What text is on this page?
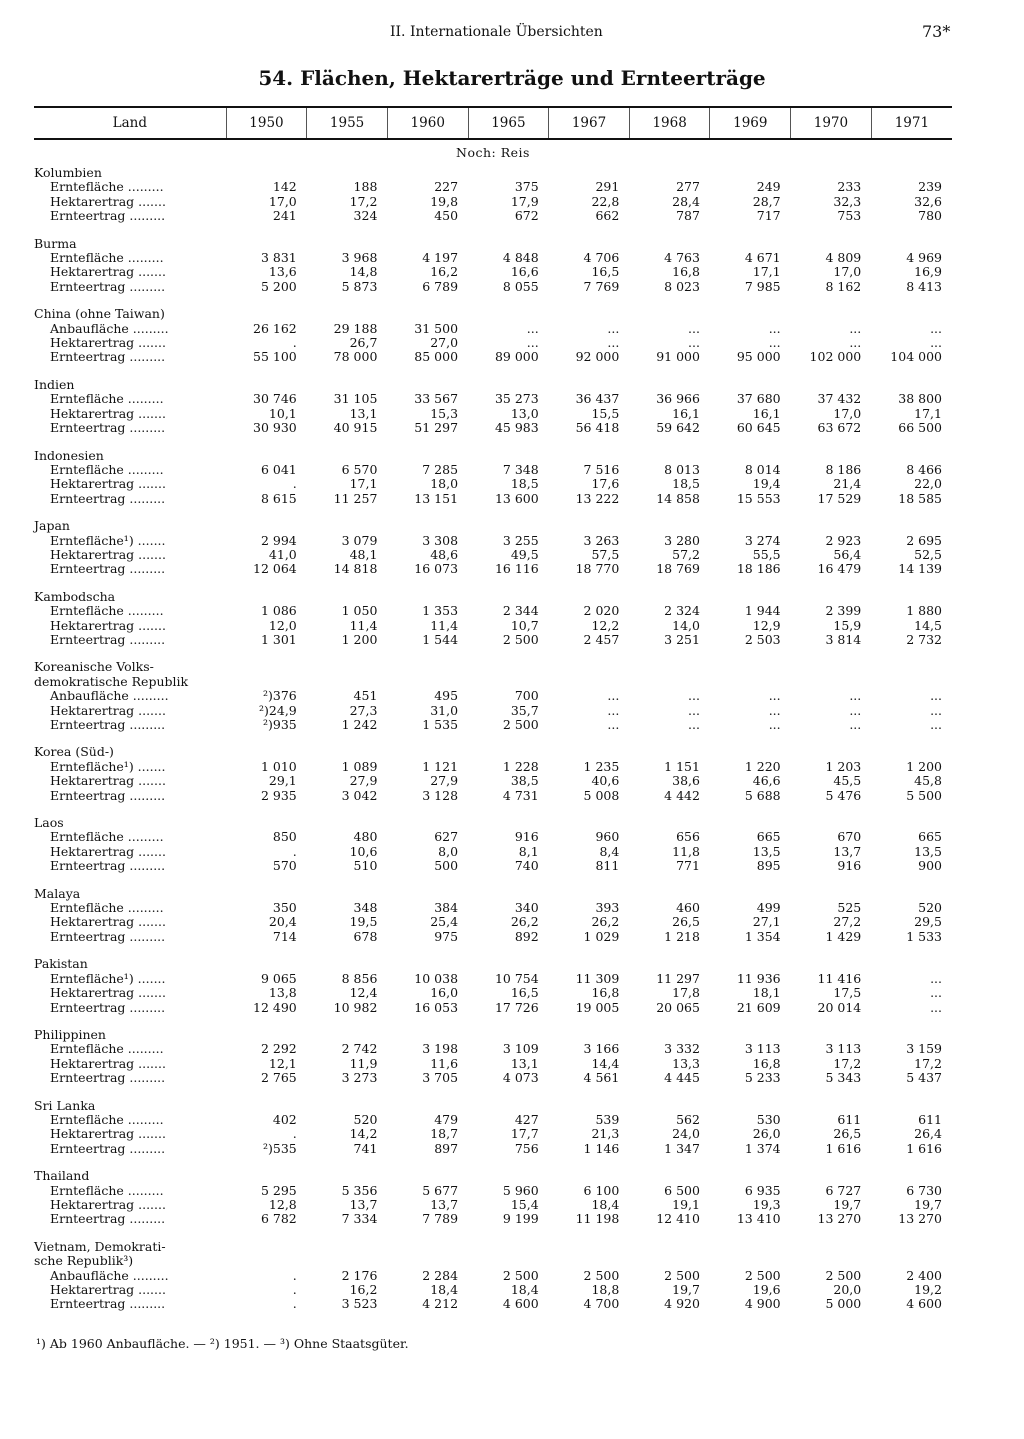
II. Internationale Übersichten	73*
54. Flächen, Hektarerträge und Ernteerträge
Land	1950	1955	1960	1965	1967	1968	1969	1970	1971
Noch: Reis									
Kolumbien									
Erntefläche .........	142	188	227	375	291	277	249	233	239
Hektarertrag .......	17,0	17,2	19,8	17,9	22,8	28,4	28,7	32,3	32,6
Ernteertrag .........	241	324	450	672	662	787	717	753	780

Burma									
Erntefläche .........	3 831	3 968	4 197	4 848	4 706	4 763	4 671	4 809	4 969
Hektarertrag .......	13,6	14,8	16,2	16,6	16,5	16,8	17,1	17,0	16,9
Ernteertrag .........	5 200	5 873	6 789	8 055	7 769	8 023	7 985	8 162	8 413

China (ohne Taiwan)									
Anbaufläche .........	26 162	29 188	31 500	...	...	...	...	...	...
Hektarertrag .......	.	26,7	27,0	...	...	...	...	...	...
Ernteertrag .........	55 100	78 000	85 000	89 000	92 000	91 000	95 000	102 000	104 000

Indien									
Erntefläche .........	30 746	31 105	33 567	35 273	36 437	36 966	37 680	37 432	38 800
Hektarertrag .......	10,1	13,1	15,3	13,0	15,5	16,1	16,1	17,0	17,1
Ernteertrag .........	30 930	40 915	51 297	45 983	56 418	59 642	60 645	63 672	66 500

Indonesien									
Erntefläche .........	6 041	6 570	7 285	7 348	7 516	8 013	8 014	8 186	8 466
Hektarertrag .......	.	17,1	18,0	18,5	17,6	18,5	19,4	21,4	22,0
Ernteertrag .........	8 615	11 257	13 151	13 600	13 222	14 858	15 553	17 529	18 585

Japan									
Erntefläche¹) .......	2 994	3 079	3 308	3 255	3 263	3 280	3 274	2 923	2 695
Hektarertrag .......	41,0	48,1	48,6	49,5	57,5	57,2	55,5	56,4	52,5
Ernteertrag .........	12 064	14 818	16 073	16 116	18 770	18 769	18 186	16 479	14 139

Kambodscha									
Erntefläche .........	1 086	1 050	1 353	2 344	2 020	2 324	1 944	2 399	1 880
Hektarertrag .......	12,0	11,4	11,4	10,7	12,2	14,0	12,9	15,9	14,5
Ernteertrag .........	1 301	1 200	1 544	2 500	2 457	3 251	2 503	3 814	2 732

Koreanische Volks-									
demokratische Republik									
Anbaufläche .........	²)376	451	495	700	...	...	...	...	...
Hektarertrag .......	²)24,9	27,3	31,0	35,7	...	...	...	...	...
Ernteertrag .........	²)935	1 242	1 535	2 500	...	...	...	...	...

Korea (Süd-)									
Erntefläche¹) .......	1 010	1 089	1 121	1 228	1 235	1 151	1 220	1 203	1 200
Hektarertrag .......	29,1	27,9	27,9	38,5	40,6	38,6	46,6	45,5	45,8
Ernteertrag .........	2 935	3 042	3 128	4 731	5 008	4 442	5 688	5 476	5 500

Laos									
Erntefläche .........	850	480	627	916	960	656	665	670	665
Hektarertrag .......	.	10,6	8,0	8,1	8,4	11,8	13,5	13,7	13,5
Ernteertrag .........	570	510	500	740	811	771	895	916	900

Malaya									
Erntefläche .........	350	348	384	340	393	460	499	525	520
Hektarertrag .......	20,4	19,5	25,4	26,2	26,2	26,5	27,1	27,2	29,5
Ernteertrag .........	714	678	975	892	1 029	1 218	1 354	1 429	1 533

Pakistan									
Erntefläche¹) .......	9 065	8 856	10 038	10 754	11 309	11 297	11 936	11 416	...
Hektarertrag .......	13,8	12,4	16,0	16,5	16,8	17,8	18,1	17,5	...
Ernteertrag .........	12 490	10 982	16 053	17 726	19 005	20 065	21 609	20 014	...

Philippinen									
Erntefläche .........	2 292	2 742	3 198	3 109	3 166	3 332	3 113	3 113	3 159
Hektarertrag .......	12,1	11,9	11,6	13,1	14,4	13,3	16,8	17,2	17,2
Ernteertrag .........	2 765	3 273	3 705	4 073	4 561	4 445	5 233	5 343	5 437

Sri Lanka									
Erntefläche .........	402	520	479	427	539	562	530	611	611
Hektarertrag .......	.	14,2	18,7	17,7	21,3	24,0	26,0	26,5	26,4
Ernteertrag .........	²)535	741	897	756	1 146	1 347	1 374	1 616	1 616

Thailand									
Erntefläche .........	5 295	5 356	5 677	5 960	6 100	6 500	6 935	6 727	6 730
Hektarertrag .......	12,8	13,7	13,7	15,4	18,4	19,1	19,3	19,7	19,7
Ernteertrag .........	6 782	7 334	7 789	9 199	11 198	12 410	13 410	13 270	13 270

Vietnam, Demokrati-									
sche Republik³)									
Anbaufläche .........	.	2 176	2 284	2 500	2 500	2 500	2 500	2 500	2 400
Hektarertrag .......	.	16,2	18,4	18,4	18,8	19,7	19,6	20,0	19,2
Ernteertrag .........	.	3 523	4 212	4 600	4 700	4 920	4 900	5 000	4 600
¹) Ab 1960 Anbaufläche. — ²) 1951. — ³) Ohne Staatsgüter.
